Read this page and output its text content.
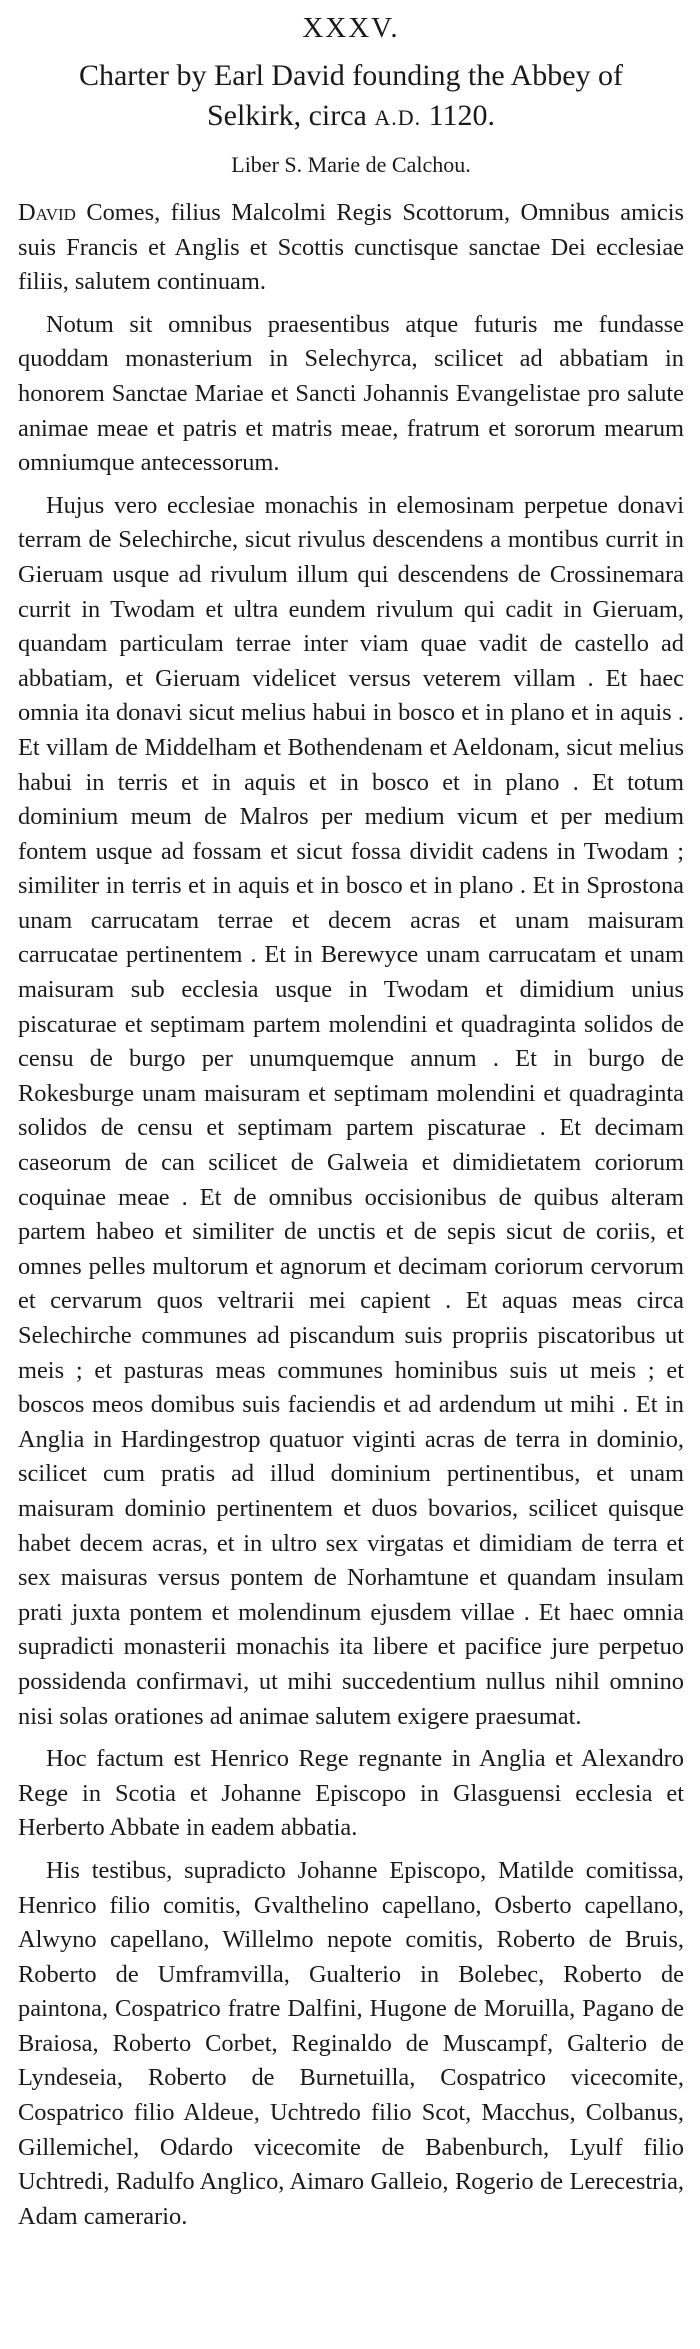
XXXV.
Charter by Earl David founding the Abbey of Selkirk, circa A.D. 1120.
Liber S. Marie de Calchou.

David Comes, filius Malcolmi Regis Scottorum, Omnibus amicis suis Francis et Anglis et Scottis cunctisque sanctae Dei ecclesiae filiis, salutem continuam.

Notum sit omnibus praesentibus atque futuris me fundasse quoddam monasterium in Selechyrca, scilicet ad abbatiam in honorem Sanctae Mariae et Sancti Johannis Evangelistae pro salute animae meae et patris et matris meae, fratrum et sororum mearum omniumque antecessorum.

Hujus vero ecclesiae monachis in elemosinam perpetue donavi terram de Selechirche, sicut rivulus descendens a montibus currit in Gieruam usque ad rivulum illum qui descendens de Crossinemara currit in Twodam et ultra eundem rivulum qui cadit in Gieruam, quandam particulam terrae inter viam quae vadit de castello ad abbatiam, et Gieruam videlicet versus veterem villam . Et haec omnia ita donavi sicut melius habui in bosco et in plano et in aquis . Et villam de Middelham et Bothendenam et Aeldonam, sicut melius habui in terris et in aquis et in bosco et in plano . Et totum dominium meum de Malros per medium vicum et per medium fontem usque ad fossam et sicut fossa dividit cadens in Twodam ; similiter in terris et in aquis et in bosco et in plano . Et in Sprostona unam carrucatam terrae et decem acras et unam maisuram carrucatae pertinentem . Et in Berewyce unam carrucatam et unam maisuram sub ecclesia usque in Twodam et dimidium unius piscaturae et septimam partem molendini et quadraginta solidos de censu de burgo per unumquemque annum . Et in burgo de Rokesburge unam maisuram et septimam molendini et quadraginta solidos de censu et septimam partem piscaturae . Et decimam caseorum de can scilicet de Galweia et dimidietatem coriorum coquinae meae . Et de omnibus occisionibus de quibus alteram partem habeo et similiter de unctis et de sepis sicut de coriis, et omnes pelles multorum et agnorum et decimam coriorum cervorum et cervarum quos veltrarii mei capient . Et aquas meas circa Selechirche communes ad piscandum suis propriis piscatoribus ut meis ; et pasturas meas communes hominibus suis ut meis ; et boscos meos domibus suis faciendis et ad ardendum ut mihi . Et in Anglia in Hardingestrop quatuor viginti acras de terra in dominio, scilicet cum pratis ad illud dominium pertinentibus, et unam maisuram dominio pertinentem et duos bovarios, scilicet quisque habet decem acras, et in ultro sex virgatas et dimidiam de terra et sex maisuras versus pontem de Norhamtune et quandam insulam prati juxta pontem et molendinum ejusdem villae . Et haec omnia supradicti monasterii monachis ita libere et pacifice jure perpetuo possidenda confirmavi, ut mihi succedentium nullus nihil omnino nisi solas orationes ad animae salutem exigere praesumat.

Hoc factum est Henrico Rege regnante in Anglia et Alexandro Rege in Scotia et Johanne Episcopo in Glasguensi ecclesia et Herberto Abbate in eadem abbatia.

His testibus, supradicto Johanne Episcopo, Matilde comitissa, Henrico filio comitis, Gvalthelino capellano, Osberto capellano, Alwyno capellano, Willelmo nepote comitis, Roberto de Bruis, Roberto de Umframvilla, Gualterio in Bolebec, Roberto de paintona, Cospatrico fratre Dalfini, Hugone de Moruilla, Pagano de Braiosa, Roberto Corbet, Reginaldo de Muscampf, Galterio de Lyndeseia, Roberto de Burnetuilla, Cospatrico vicecomite, Cospatrico filio Aldeue, Uchtredo filio Scot, Macchus, Colbanus, Gillemichel, Odardo vicecomite de Babenburch, Lyulf filio Uchtredi, Radulfo Anglico, Aimaro Galleio, Rogerio de Lerecestria, Adam camerario.
